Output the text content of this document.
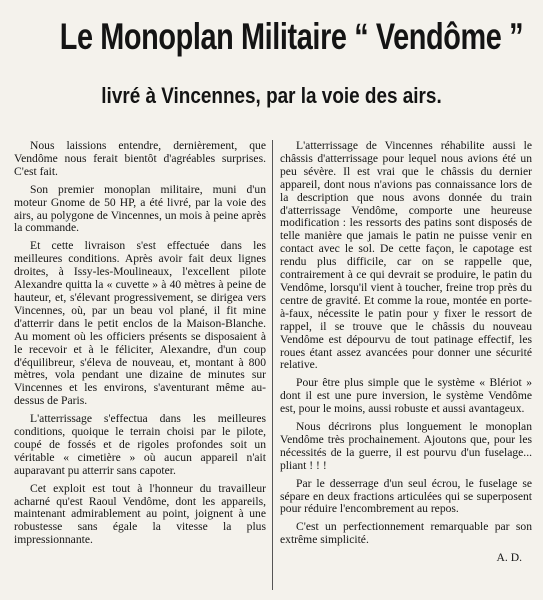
Le Monoplan Militaire “ Vendôme ”
livré à Vincennes, par la voie des airs.

Nous laissions entendre, dernièrement, que Vendôme nous ferait bientôt d'agréables surprises. C'est fait.

Son premier monoplan militaire, muni d'un moteur Gnome de 50 HP, a été livré, par la voie des airs, au polygone de Vincennes, un mois à peine après la commande.

Et cette livraison s'est effectuée dans les meilleures conditions. Après avoir fait deux lignes droites, à Issy-les-Moulineaux, l'excellent pilote Alexandre quitta la « cuvette » à 40 mètres à peine de hauteur, et, s'élevant progressivement, se dirigea vers Vincennes, où, par un beau vol plané, il fit mine d'atterrir dans le petit enclos de la Maison-Blanche. Au moment où les officiers présents se disposaient à le recevoir et à le féliciter, Alexandre, d'un coup d'équilibreur, s'éleva de nouveau, et, montant à 800 mètres, vola pendant une dizaine de minutes sur Vincennes et les environs, s'aventurant même au-dessus de Paris.

L'atterrissage s'effectua dans les meilleures conditions, quoique le terrain choisi par le pilote, coupé de fossés et de rigoles profondes soit un véritable « cimetière » où aucun appareil n'ait auparavant pu atterrir sans capoter.

Cet exploit est tout à l'honneur du travailleur acharné qu'est Raoul Vendôme, dont les appareils, maintenant admirablement au point, joignent à une robustesse sans égale la vitesse la plus impressionnante.

L'atterrissage de Vincennes réhabilite aussi le châssis d'atterrissage pour lequel nous avions été un peu sévère. Il est vrai que le châssis du dernier appareil, dont nous n'avions pas connaissance lors de la description que nous avons donnée du train d'atterrissage Vendôme, comporte une heureuse modification : les ressorts des patins sont disposés de telle manière que jamais le patin ne puisse venir en contact avec le sol. De cette façon, le capotage est rendu plus difficile, car on se rappelle que, contrairement à ce qui devrait se produire, le patin du Vendôme, lorsqu'il vient à toucher, freine trop près du centre de gravité. Et comme la roue, montée en porte-à-faux, nécessite le patin pour y fixer le ressort de rappel, il se trouve que le châssis du nouveau Vendôme est dépourvu de tout patinage effectif, les roues étant assez avancées pour donner une sécurité relative.

Pour être plus simple que le système « Blériot » dont il est une pure inversion, le système Vendôme est, pour le moins, aussi robuste et aussi avantageux.

Nous décrirons plus longuement le monoplan Vendôme très prochainement. Ajoutons que, pour les nécessités de la guerre, il est pourvu d'un fuselage... pliant ! ! !

Par le desserrage d'un seul écrou, le fuselage se sépare en deux fractions articulées qui se superposent pour réduire l'encombrement au repos.

C'est un perfectionnement remarquable par son extrême simplicité.

A. D.
